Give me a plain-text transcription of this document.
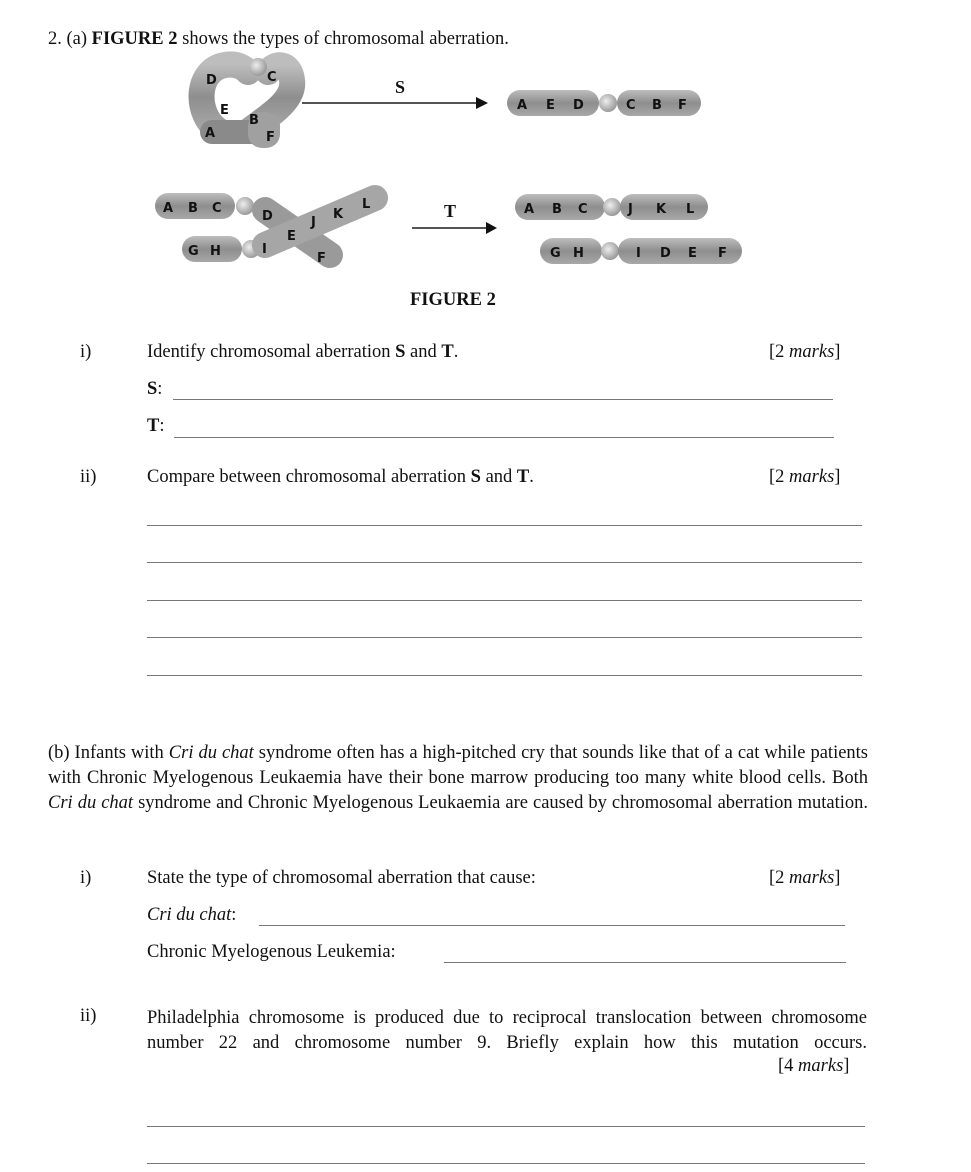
2. (a) FIGURE 2 shows the types of chromosomal aberration.
D	C
E
B
A	F
S
A E D	C B F
A B C
D
E
F
G H	I
J
K
L	T	A B C	J K L
G H	I D E F
FIGURE 2
i)	Identify chromosomal aberration S and T.	[2 marks]
S:
T:
ii)	Compare between chromosomal aberration S and T.	[2 marks]
(b) Infants with Cri du chat syndrome often has a high-pitched cry that sounds like that of a cat while patients with Chronic Myelogenous Leukaemia have their bone marrow producing too many white blood cells. Both Cri du chat syndrome and Chronic Myelogenous Leukaemia are caused by chromosomal aberration mutation.
i)	State the type of chromosomal aberration that cause:	[2 marks]
Cri du chat:
Chronic Myelogenous Leukemia:
ii)	Philadelphia chromosome is produced due to reciprocal translocation between chromosome number 22 and chromosome number 9. Briefly explain how this mutation occurs.
[4 marks]
